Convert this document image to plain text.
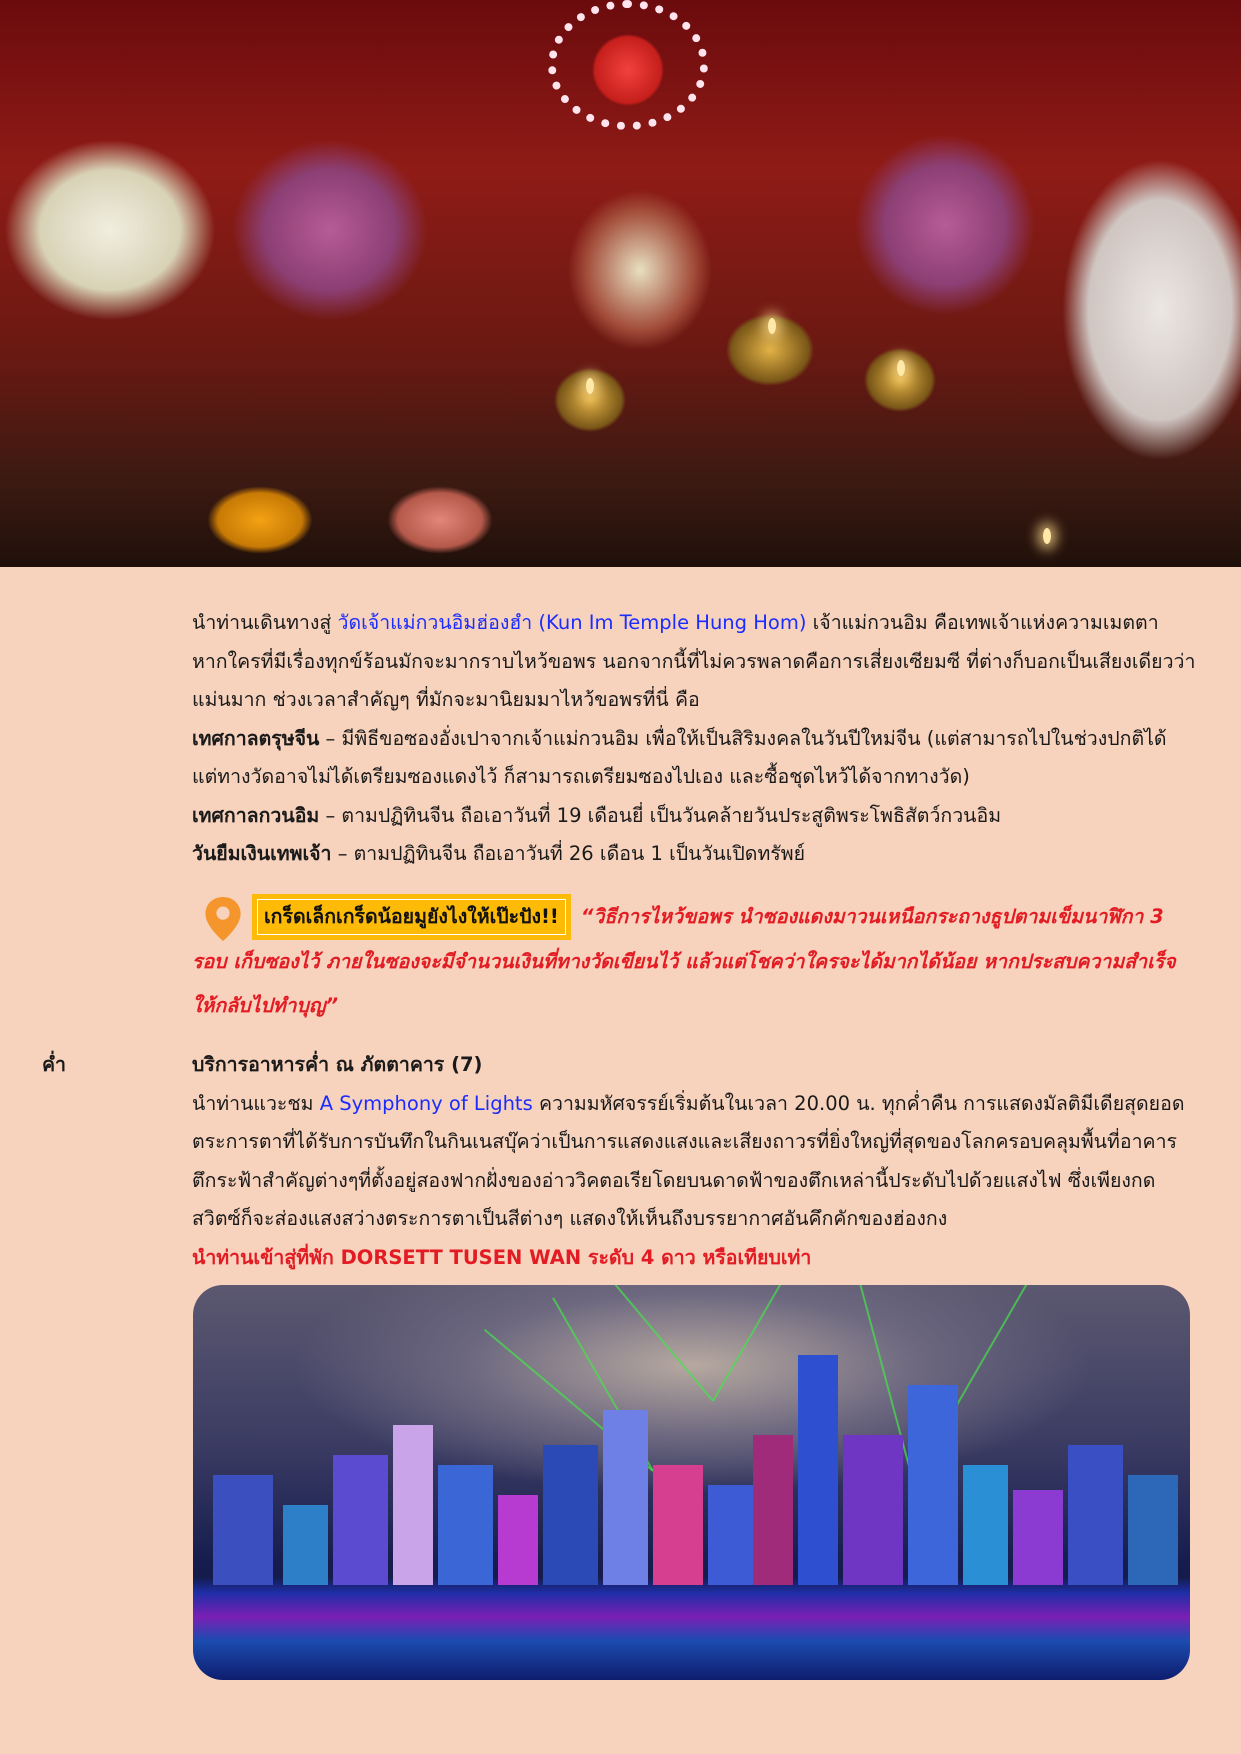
นำท่านเดินทางสู่ วัดเจ้าแม่กวนอิมฮ่องฮำ (Kun Im Temple Hung Hom) เจ้าแม่กวนอิม คือเทพเจ้าแห่งความเมตตา หากใครที่มีเรื่องทุกข์ร้อนมักจะมากราบไหว้ขอพร นอกจากนี้ที่ไม่ควรพลาดคือการเสี่ยงเซียมซี ที่ต่างก็บอกเป็นเสียงเดียวว่าแม่นมาก ช่วงเวลาสำคัญๆ ที่มักจะมานิยมมาไหว้ขอพรที่นี่ คือ

เทศกาลตรุษจีน – มีพิธีขอซองอั่งเปาจากเจ้าแม่กวนอิม เพื่อให้เป็นสิริมงคลในวันปีใหม่จีน (แต่สามารถไปในช่วงปกติได้ แต่ทางวัดอาจไม่ได้เตรียมซองแดงไว้ ก็สามารถเตรียมซองไปเอง และซื้อชุดไหว้ได้จากทางวัด)

เทศกาลกวนอิม – ตามปฏิทินจีน ถือเอาวันที่ 19 เดือนยี่ เป็นวันคล้ายวันประสูติพระโพธิสัตว์กวนอิม

วันยืมเงินเทพเจ้า – ตามปฏิทินจีน ถือเอาวันที่ 26 เดือน 1 เป็นวันเปิดทรัพย์

เกร็ดเล็กเกร็ดน้อยมูยังไงให้เป๊ะปัง!! “วิธีการไหว้ขอพร นำซองแดงมาวนเหนือกระถางธูปตามเข็มนาฬิกา 3 รอบ เก็บซองไว้ ภายในซองจะมีจำนวนเงินที่ทางวัดเขียนไว้ แล้วแต่โชคว่าใครจะได้มากได้น้อย หากประสบความสำเร็จให้กลับไปทำบุญ”
ค่ำ	บริการอาหารค่ำ ณ ภัตตาคาร (7)

นำท่านแวะชม A Symphony of Lights ความมหัศจรรย์เริ่มต้นในเวลา 20.00 น. ทุกค่ำคืน การแสดงมัลติมีเดียสุดยอดตระการตาที่ได้รับการบันทึกในกินเนสบุ๊คว่าเป็นการแสดงแสงและเสียงถาวรที่ยิ่งใหญ่ที่สุดของโลกครอบคลุมพื้นที่อาคารตึกระฟ้าสำคัญต่างๆที่ตั้งอยู่สองฟากฝั่งของอ่าววิคตอเรียโดยบนดาดฟ้าของตึกเหล่านี้ประดับไปด้วยแสงไฟ ซึ่งเพียงกดสวิตซ์ก็จะส่องแสงสว่างตระการตาเป็นสีต่างๆ แสดงให้เห็นถึงบรรยากาศอันคึกคักของฮ่องกง

นำท่านเข้าสู่ที่พัก DORSETT TUSEN WAN ระดับ 4 ดาว หรือเทียบเท่า
